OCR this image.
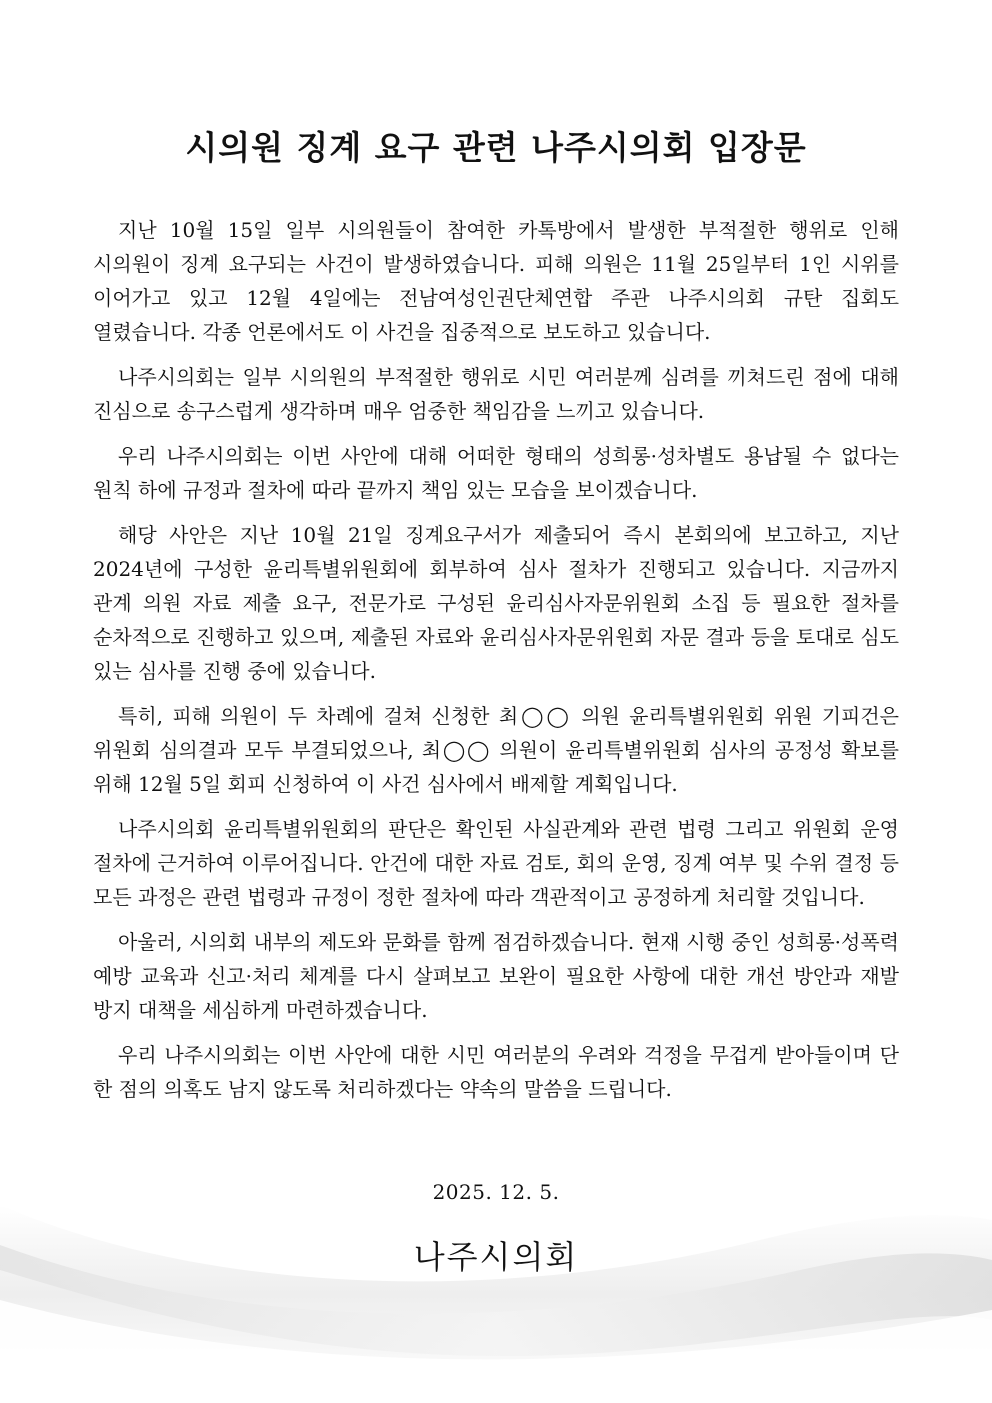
시의원 징계 요구 관련 나주시의회 입장문

지난 10월 15일 일부 시의원들이 참여한 카톡방에서 발생한 부적절한 행위로 인해 시의원이 징계 요구되는 사건이 발생하였습니다. 피해 의원은 11월 25일부터 1인 시위를 이어가고 있고 12월 4일에는 전남여성인권단체연합 주관 나주시의회 규탄 집회도 열렸습니다. 각종 언론에서도 이 사건을 집중적으로 보도하고 있습니다.

나주시의회는 일부 시의원의 부적절한 행위로 시민 여러분께 심려를 끼쳐드린 점에 대해 진심으로 송구스럽게 생각하며 매우 엄중한 책임감을 느끼고 있습니다.

우리 나주시의회는 이번 사안에 대해 어떠한 형태의 성희롱·성차별도 용납될 수 없다는 원칙 하에 규정과 절차에 따라 끝까지 책임 있는 모습을 보이겠습니다.

해당 사안은 지난 10월 21일 징계요구서가 제출되어 즉시 본회의에 보고하고, 지난 2024년에 구성한 윤리특별위원회에 회부하여 심사 절차가 진행되고 있습니다. 지금까지 관계 의원 자료 제출 요구, 전문가로 구성된 윤리심사자문위원회 소집 등 필요한 절차를 순차적으로 진행하고 있으며, 제출된 자료와 윤리심사자문위원회 자문 결과 등을 토대로 심도 있는 심사를 진행 중에 있습니다.

특히, 피해 의원이 두 차례에 걸쳐 신청한 최◯◯ 의원 윤리특별위원회 위원 기피건은 위원회 심의결과 모두 부결되었으나, 최◯◯ 의원이 윤리특별위원회 심사의 공정성 확보를 위해 12월 5일 회피 신청하여 이 사건 심사에서 배제할 계획입니다.

나주시의회 윤리특별위원회의 판단은 확인된 사실관계와 관련 법령 그리고 위원회 운영 절차에 근거하여 이루어집니다. 안건에 대한 자료 검토, 회의 운영, 징계 여부 및 수위 결정 등 모든 과정은 관련 법령과 규정이 정한 절차에 따라 객관적이고 공정하게 처리할 것입니다.

아울러, 시의회 내부의 제도와 문화를 함께 점검하겠습니다. 현재 시행 중인 성희롱·성폭력 예방 교육과 신고·처리 체계를 다시 살펴보고 보완이 필요한 사항에 대한 개선 방안과 재발 방지 대책을 세심하게 마련하겠습니다.

우리 나주시의회는 이번 사안에 대한 시민 여러분의 우려와 걱정을 무겁게 받아들이며 단 한 점의 의혹도 남지 않도록 처리하겠다는 약속의 말씀을 드립니다.

2025. 12. 5.

나주시의회
